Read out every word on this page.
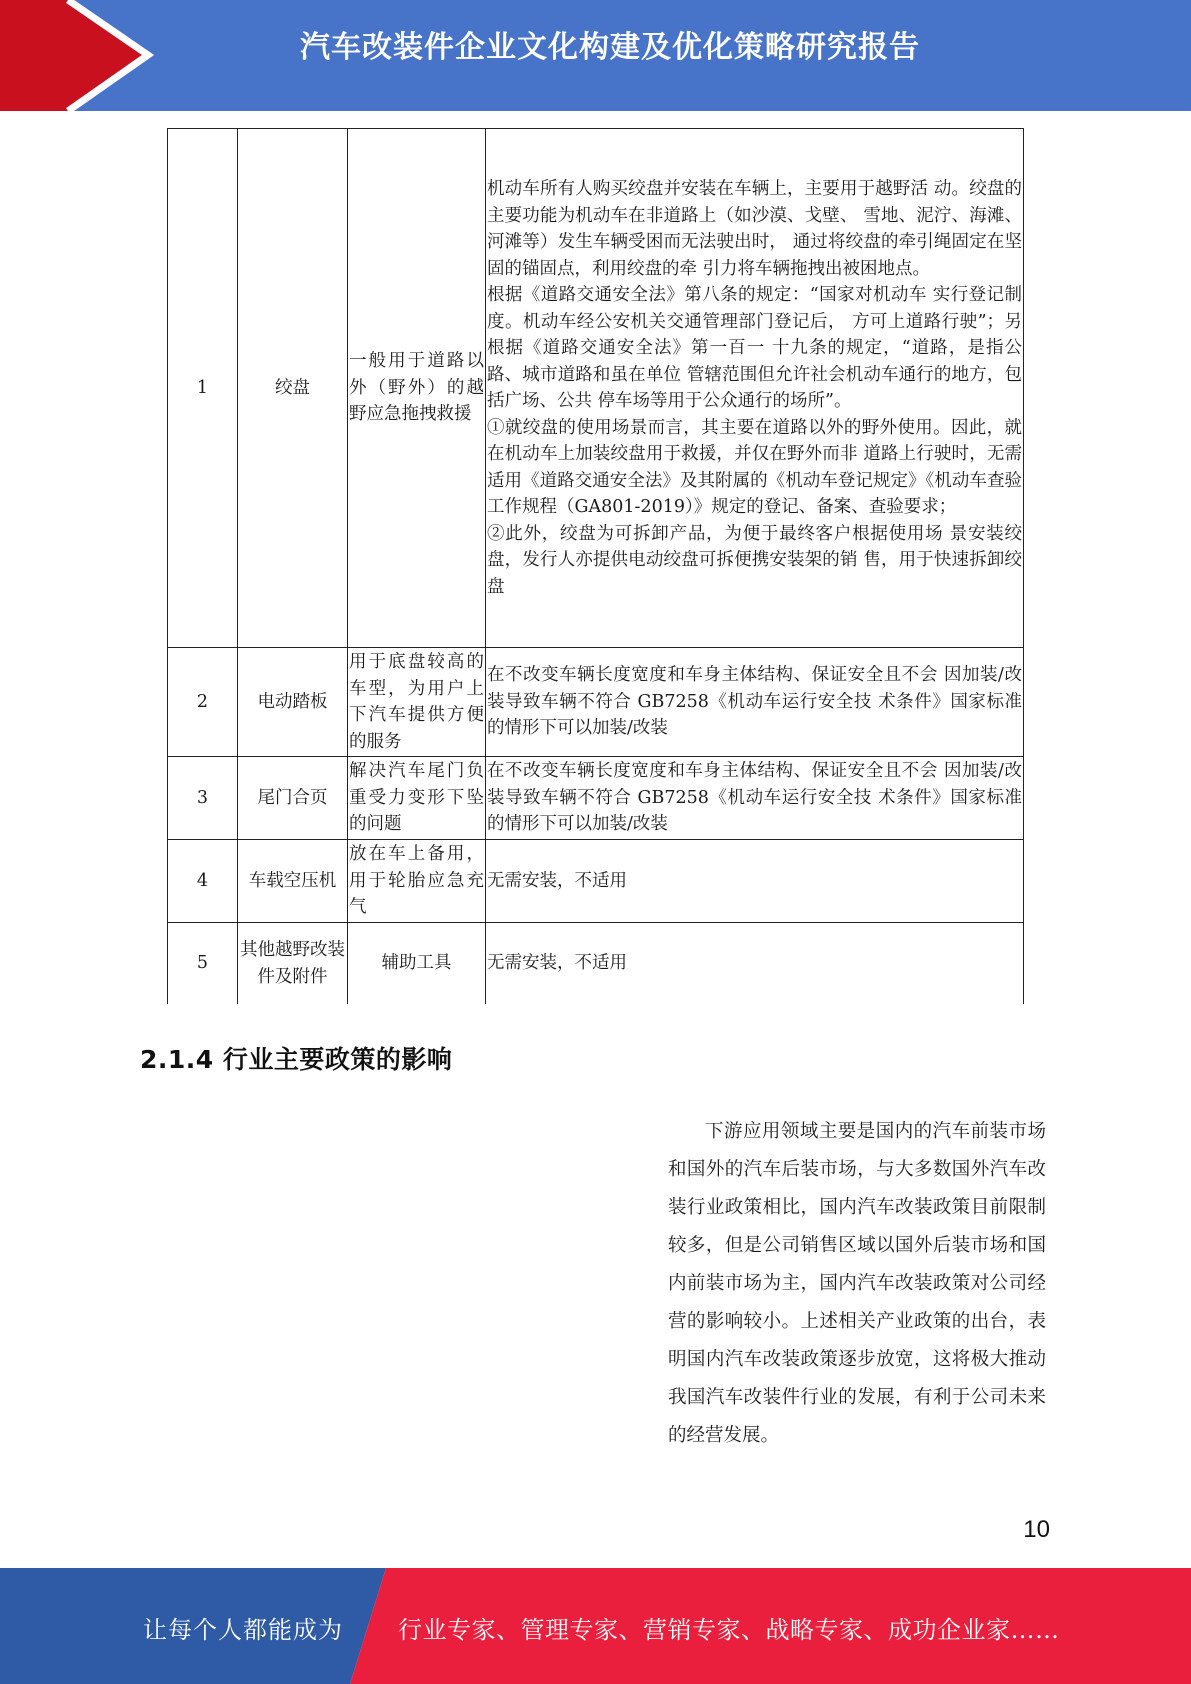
汽车改装件企业文化构建及优化策略研究报告
1	绞盘	一般用于道路以外（野外）的越野应急拖拽救援	机动车所有人购买绞盘并安装在车辆上，主要用于越野活 动。绞盘的主要功能为机动车在非道路上（如沙漠、戈壁、 雪地、泥泞、海滩、河滩等）发生车辆受困而无法驶出时， 通过将绞盘的牵引绳固定在坚固的锚固点，利用绞盘的牵 引力将车辆拖拽出被困地点。
根据《道路交通安全法》第八条的规定：“国家对机动车 实行登记制度。机动车经公安机关交通管理部门登记后， 方可上道路行驶”；另根据《道路交通安全法》第一百一 十九条的规定，“道路，是指公路、城市道路和虽在单位 管辖范围但允许社会机动车通行的地方，包括广场、公共 停车场等用于公众通行的场所”。
①就绞盘的使用场景而言，其主要在道路以外的野外使用。因此，就在机动车上加装绞盘用于救援，并仅在野外而非 道路上行驶时，无需适用《道路交通安全法》及其附属的《机动车登记规定》《机动车查验工作规程（GA801-2019）》规定的登记、备案、查验要求；
②此外，绞盘为可拆卸产品，为便于最终客户根据使用场 景安装绞盘，发行人亦提供电动绞盘可拆便携安装架的销 售，用于快速拆卸绞盘

2	电动踏板	用于底盘较高的车型，为用户上下汽车提供方便的服务	在不改变车辆长度宽度和车身主体结构、保证安全且不会 因加装/改装导致车辆不符合 GB7258《机动车运行安全技 术条件》国家标准的情形下可以加装/改装

3	尾门合页	解决汽车尾门负重受力变形下坠的问题	在不改变车辆长度宽度和车身主体结构、保证安全且不会 因加装/改装导致车辆不符合 GB7258《机动车运行安全技 术条件》国家标准的情形下可以加装/改装

4	车载空压机	放在车上备用，用于轮胎应急充气	无需安装，不适用

5	其他越野改装件及附件	辅助工具	无需安装，不适用
2.1.4 行业主要政策的影响
下游应用领域主要是国内的汽车前装市场和国外的汽车后装市场，与大多数国外汽车改装行业政策相比，国内汽车改装政策目前限制较多，但是公司销售区域以国外后装市场和国内前装市场为主，国内汽车改装政策对公司经营的影响较小。上述相关产业政策的出台，表明国内汽车改装政策逐步放宽，这将极大推动我国汽车改装件行业的发展，有利于公司未来的经营发展。
10
让每个人都能成为 行业专家、管理专家、营销专家、战略专家、成功企业家……
